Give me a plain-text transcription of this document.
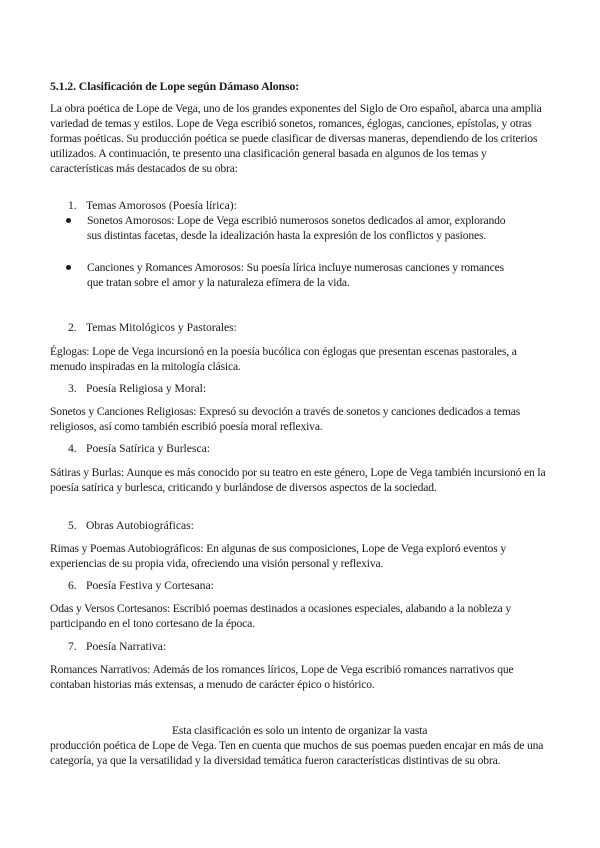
5.1.2. Clasificación de Lope según Dámaso Alonso:

La obra poética de Lope de Vega, uno de los grandes exponentes del Siglo de Oro español, abarca una amplia variedad de temas y estilos. Lope de Vega escribió sonetos, romances, églogas, canciones, epístolas, y otras formas poéticas. Su producción poética se puede clasificar de diversas maneras, dependiendo de los criterios utilizados. A continuación, te presento una clasificación general basada en algunos de los temas y características más destacados de su obra:

1. Temas Amorosos (Poesía lírica):
Sonetos Amorosos: Lope de Vega escribió numerosos sonetos dedicados al amor, explorando sus distintas facetas, desde la idealización hasta la expresión de los conflictos y pasiones.
Canciones y Romances Amorosos: Su poesía lírica incluye numerosas canciones y romances que tratan sobre el amor y la naturaleza efímera de la vida.
2. Temas Mitológicos y Pastorales:

Églogas: Lope de Vega incursionó en la poesía bucólica con églogas que presentan escenas pastorales, a menudo inspiradas en la mitología clásica.

3. Poesía Religiosa y Moral:

Sonetos y Canciones Religiosas: Expresó su devoción a través de sonetos y canciones dedicados a temas religiosos, así como también escribió poesía moral reflexiva.

4. Poesía Satírica y Burlesca:

Sátiras y Burlas: Aunque es más conocido por su teatro en este género, Lope de Vega también incursionó en la poesía satírica y burlesca, criticando y burlándose de diversos aspectos de la sociedad.

5. Obras Autobiográficas:

Rimas y Poemas Autobiográficos: En algunas de sus composiciones, Lope de Vega exploró eventos y experiencias de su propia vida, ofreciendo una visión personal y reflexiva.

6. Poesía Festiva y Cortesana:

Odas y Versos Cortesanos: Escribió poemas destinados a ocasiones especiales, alabando a la nobleza y participando en el tono cortesano de la época.

7. Poesía Narrativa:

Romances Narrativos: Además de los romances líricos, Lope de Vega escribió romances narrativos que contaban historias más extensas, a menudo de carácter épico o histórico.

Esta clasificación es solo un intento de organizar la vasta
producción poética de Lope de Vega. Ten en cuenta que muchos de sus poemas pueden encajar en más de una categoría, ya que la versatilidad y la diversidad temática fueron características distintivas de su obra.
